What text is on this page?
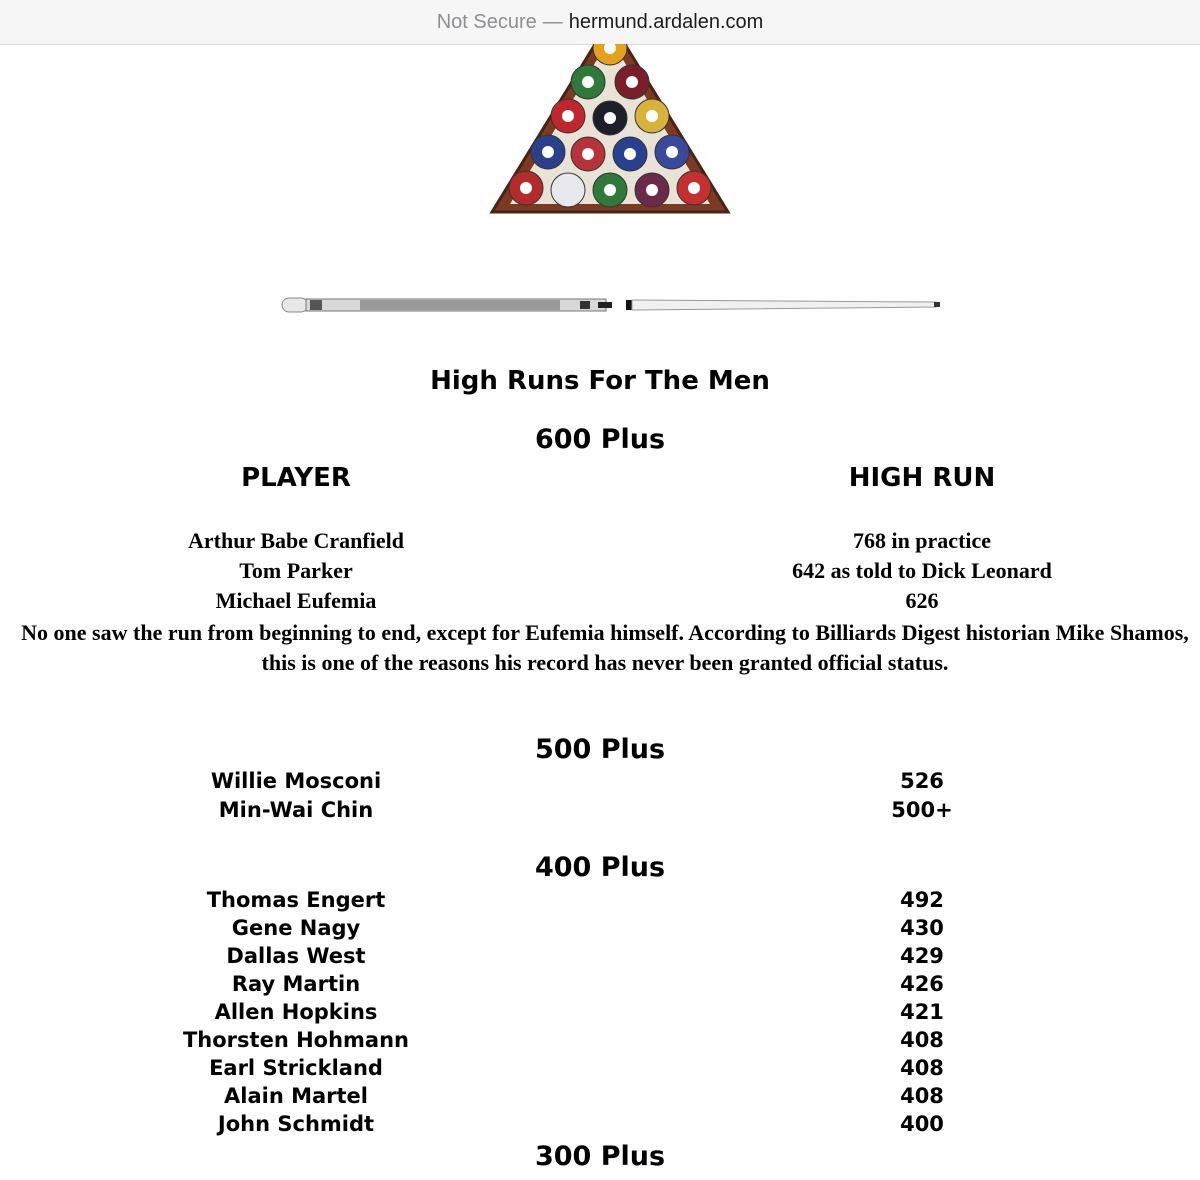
Not Secure — hermund.ardalen.com
High Runs For The Men
600 Plus
PLAYER	HIGH RUN
Arthur Babe Cranfield	768 in practice
Tom Parker	642 as told to Dick Leonard
Michael Eufemia	626
No one saw the run from beginning to end, except for Eufemia himself. According to Billiards Digest historian Mike Shamos, this is one of the reasons his record has never been granted official status.
500 Plus
Willie Mosconi	526
Min-Wai Chin	500+
400 Plus
Thomas Engert	492
Gene Nagy	430
Dallas West	429
Ray Martin	426
Allen Hopkins	421
Thorsten Hohmann	408
Earl Strickland	408
Alain Martel	408
John Schmidt	400
300 Plus
